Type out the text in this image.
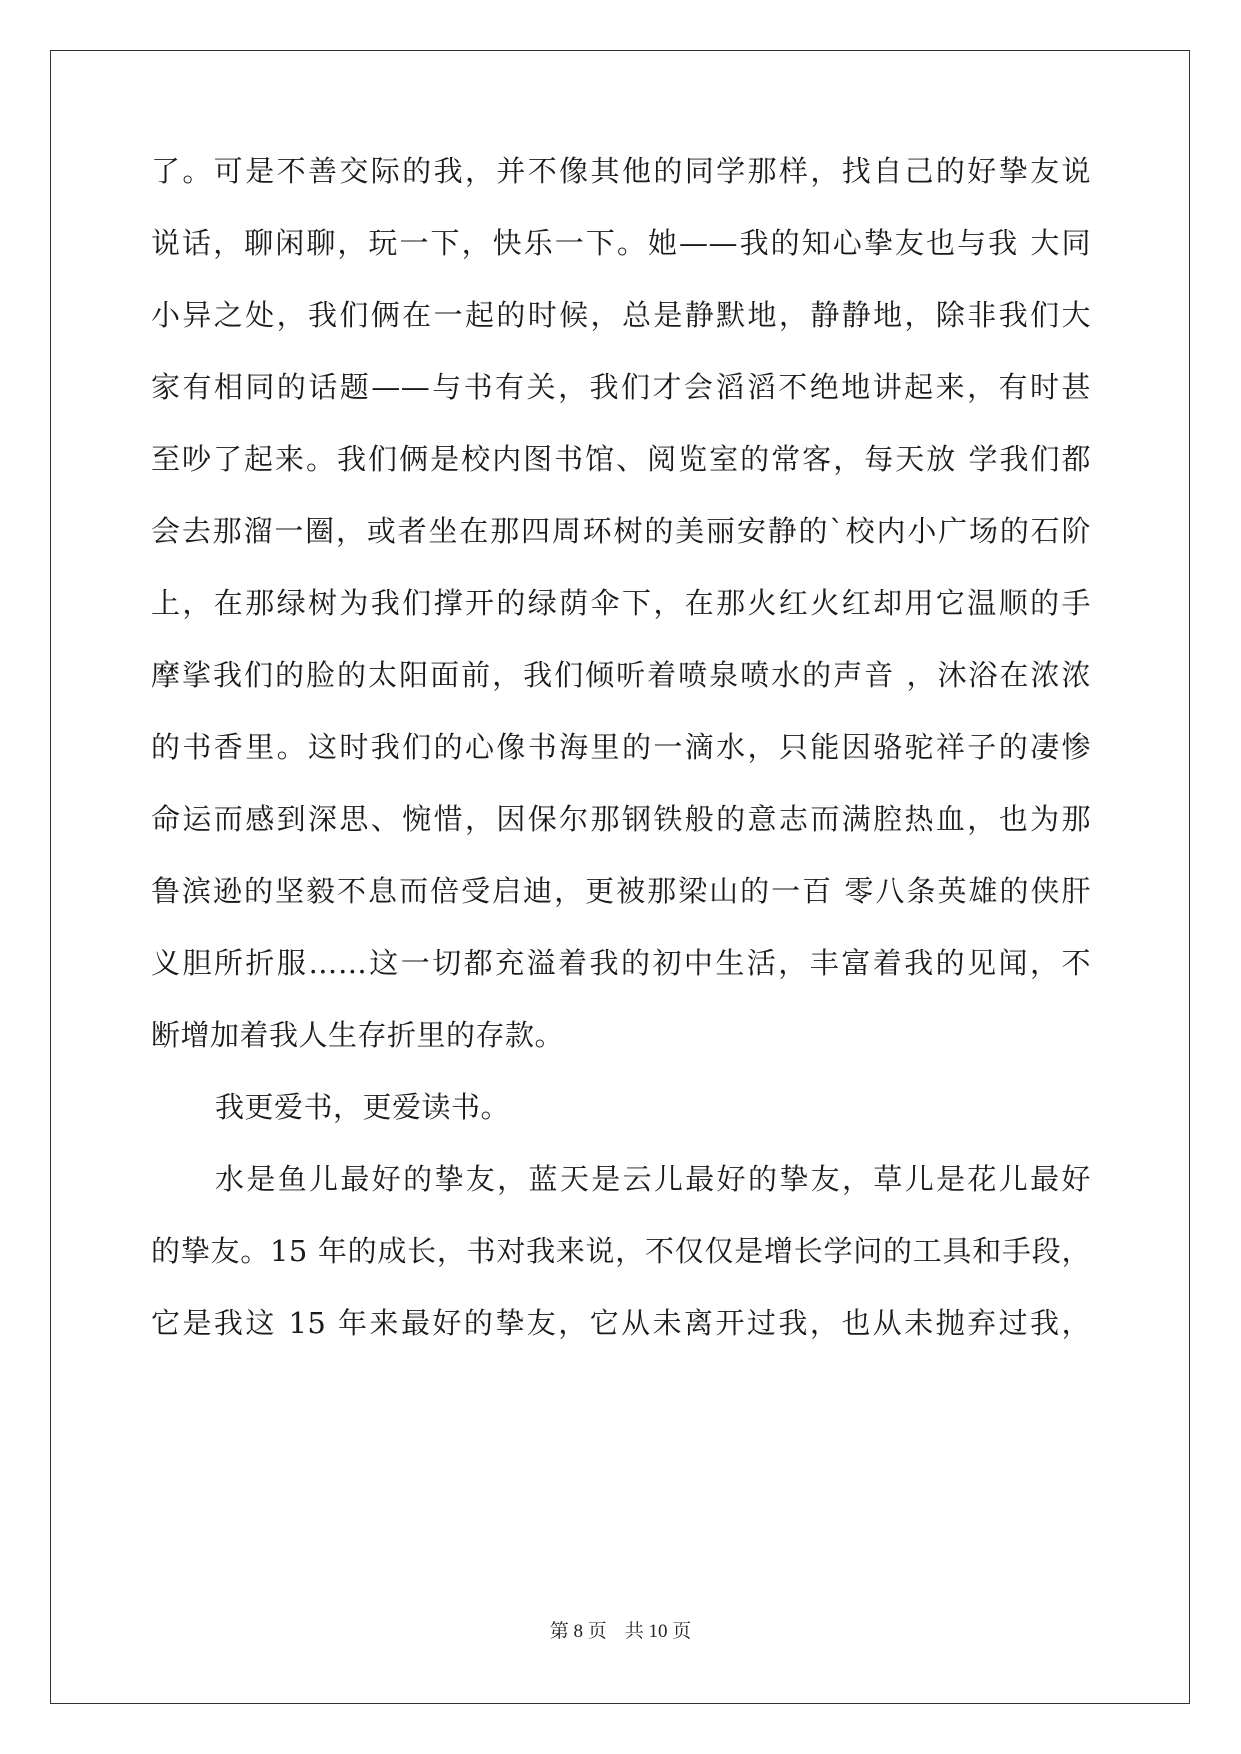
了。可是不善交际的我，并不像其他的同学那样，找自己的好挚友说
说话，聊闲聊，玩一下，快乐一下。她——我的知心挚友也与我 大同
小异之处，我们俩在一起的时候，总是静默地，静静地，除非我们大
家有相同的话题——与书有关，我们才会滔滔不绝地讲起来，有时甚
至吵了起来。我们俩是校内图书馆、阅览室的常客，每天放 学我们都
会去那溜一圈，或者坐在那四周环树的美丽安静的`校内小广场的石阶
上，在那绿树为我们撑开的绿荫伞下，在那火红火红却用它温顺的手
摩挲我们的脸的太阳面前，我们倾听着喷泉喷水的声音 ，沐浴在浓浓
的书香里。这时我们的心像书海里的一滴水，只能因骆驼祥子的凄惨
命运而感到深思、惋惜，因保尔那钢铁般的意志而满腔热血，也为那
鲁滨逊的坚毅不息而倍受启迪，更被那梁山的一百 零八条英雄的侠肝
义胆所折服……这一切都充溢着我的初中生活，丰富着我的见闻，不
断增加着我人生存折里的存款。
我更爱书，更爱读书。
水是鱼儿最好的挚友，蓝天是云儿最好的挚友，草儿是花儿最好
的挚友。15 年的成长，书对我来说，不仅仅是增长学问的工具和手段，
它是我这 15 年来最好的挚友，它从未离开过我，也从未抛弃过我，
第 8 页 共 10 页
